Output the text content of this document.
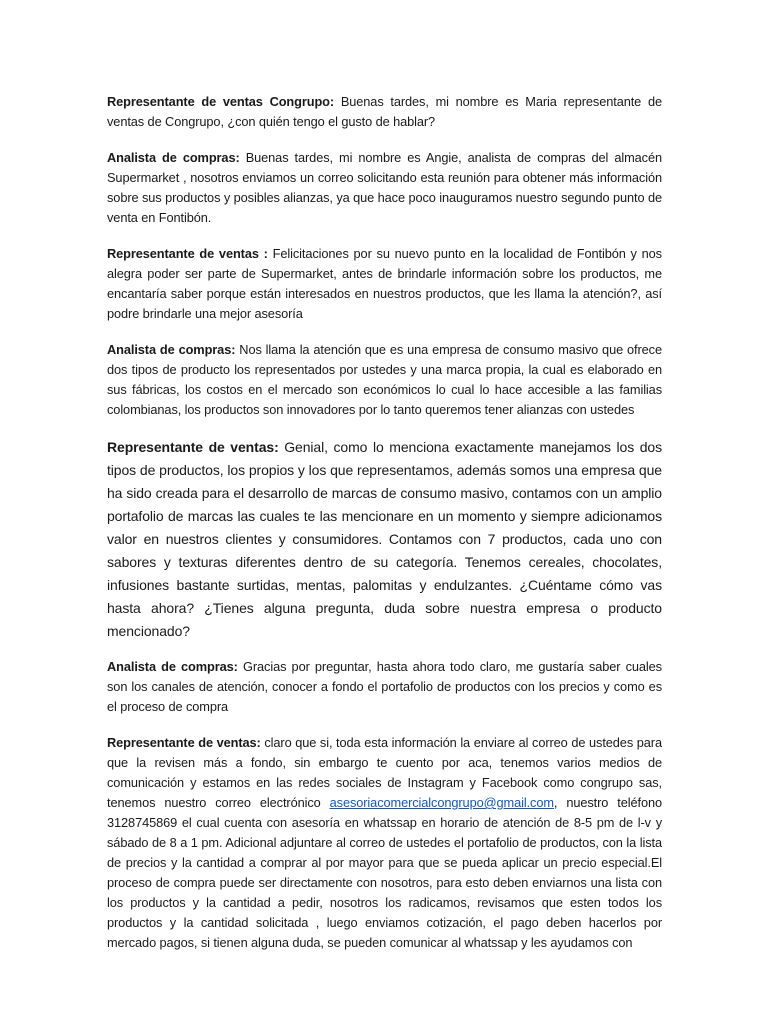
Representante de ventas Congrupo: Buenas tardes, mi nombre es Maria representante de ventas de Congrupo, ¿con quién tengo el gusto de hablar?

Analista de compras: Buenas tardes, mi nombre es Angie, analista de compras del almacén Supermarket , nosotros enviamos un correo solicitando esta reunión para obtener más información sobre sus productos y posibles alianzas, ya que hace poco inauguramos nuestro segundo punto de venta en Fontibón.

Representante de ventas : Felicitaciones por su nuevo punto en la localidad de Fontibón y nos alegra poder ser parte de Supermarket, antes de brindarle información sobre los productos, me encantaría saber porque están interesados en nuestros productos, que les llama la atención?, así podre brindarle una mejor asesoría

Analista de compras: Nos llama la atención que es una empresa de consumo masivo que ofrece dos tipos de producto los representados por ustedes y una marca propia, la cual es elaborado en sus fábricas, los costos en el mercado son económicos lo cual lo hace accesible a las familias colombianas, los productos son innovadores por lo tanto queremos tener alianzas con ustedes

Representante de ventas: Genial, como lo menciona exactamente manejamos los dos tipos de productos, los propios y los que representamos, además somos una empresa que ha sido creada para el desarrollo de marcas de consumo masivo, contamos con un amplio portafolio de marcas las cuales te las mencionare en un momento y siempre adicionamos valor en nuestros clientes y consumidores. Contamos con 7 productos, cada uno con sabores y texturas diferentes dentro de su categoría. Tenemos cereales, chocolates, infusiones bastante surtidas, mentas, palomitas y endulzantes. ¿Cuéntame cómo vas hasta ahora? ¿Tienes alguna pregunta, duda sobre nuestra empresa o producto mencionado?

Analista de compras: Gracias por preguntar, hasta ahora todo claro, me gustaría saber cuales son los canales de atención, conocer a fondo el portafolio de productos con los precios y como es el proceso de compra

Representante de ventas: claro que si, toda esta información la enviare al correo de ustedes para que la revisen más a fondo, sin embargo te cuento por aca, tenemos varios medios de comunicación y estamos en las redes sociales de Instagram y Facebook como congrupo sas, tenemos nuestro correo electrónico asesoriacomercialcongrupo@gmail.com, nuestro teléfono 3128745869 el cual cuenta con asesoría en whatssap en horario de atención de 8-5 pm de l-v y sábado de 8 a 1 pm. Adicional adjuntare al correo de ustedes el portafolio de productos, con la lista de precios y la cantidad a comprar al por mayor para que se pueda aplicar un precio especial.El proceso de compra puede ser directamente con nosotros, para esto deben enviarnos una lista con los productos y la cantidad a pedir, nosotros los radicamos, revisamos que esten todos los productos y la cantidad solicitada , luego enviamos cotización, el pago deben hacerlos por mercado pagos, si tienen alguna duda, se pueden comunicar al whatssap y les ayudamos con
